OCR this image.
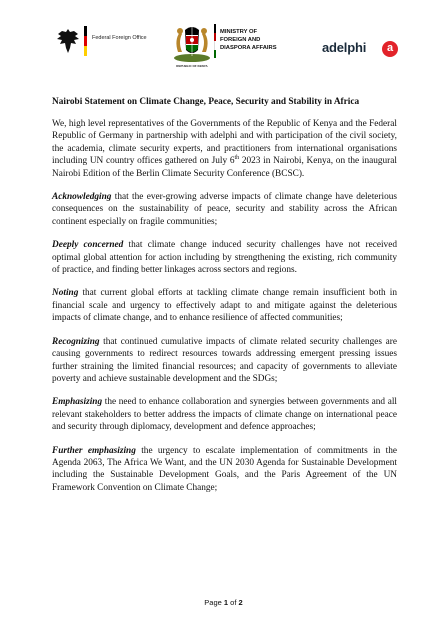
Federal Foreign Office
REPUBLIC OF KENYA
MINISTRY OF
FOREIGN AND
DIASPORA AFFAIRS	adelphi	a
Nairobi Statement on Climate Change, Peace, Security and Stability in Africa

We, high level representatives of the Governments of the Republic of Kenya and the Federal Republic of Germany in partnership with adelphi and with participation of the civil society, the academia, climate security experts, and practitioners from international organisations including UN country offices gathered on July 6th 2023 in Nairobi, Kenya, on the inaugural Nairobi Edition of the Berlin Climate Security Conference (BCSC).

Acknowledging that the ever-growing adverse impacts of climate change have deleterious consequences on the sustainability of peace, security and stability across the African continent especially on fragile communities;

Deeply concerned that climate change induced security challenges have not received optimal global attention for action including by strengthening the existing, rich community of practice, and finding better linkages across sectors and regions.

Noting that current global efforts at tackling climate change remain insufficient both in financial scale and urgency to effectively adapt to and mitigate against the deleterious impacts of climate change, and to enhance resilience of affected communities;

Recognizing that continued cumulative impacts of climate related security challenges are causing governments to redirect resources towards addressing emergent pressing issues further straining the limited financial resources; and capacity of governments to alleviate poverty and achieve sustainable development and the SDGs;

Emphasizing the need to enhance collaboration and synergies between governments and all relevant stakeholders to better address the impacts of climate change on international peace and security through diplomacy, development and defence approaches;

Further emphasizing the urgency to escalate implementation of commitments in the Agenda 2063, The Africa We Want, and the UN 2030 Agenda for Sustainable Development including the Sustainable Development Goals, and the Paris Agreement of the UN Framework Convention on Climate Change;

Page 1 of 2
